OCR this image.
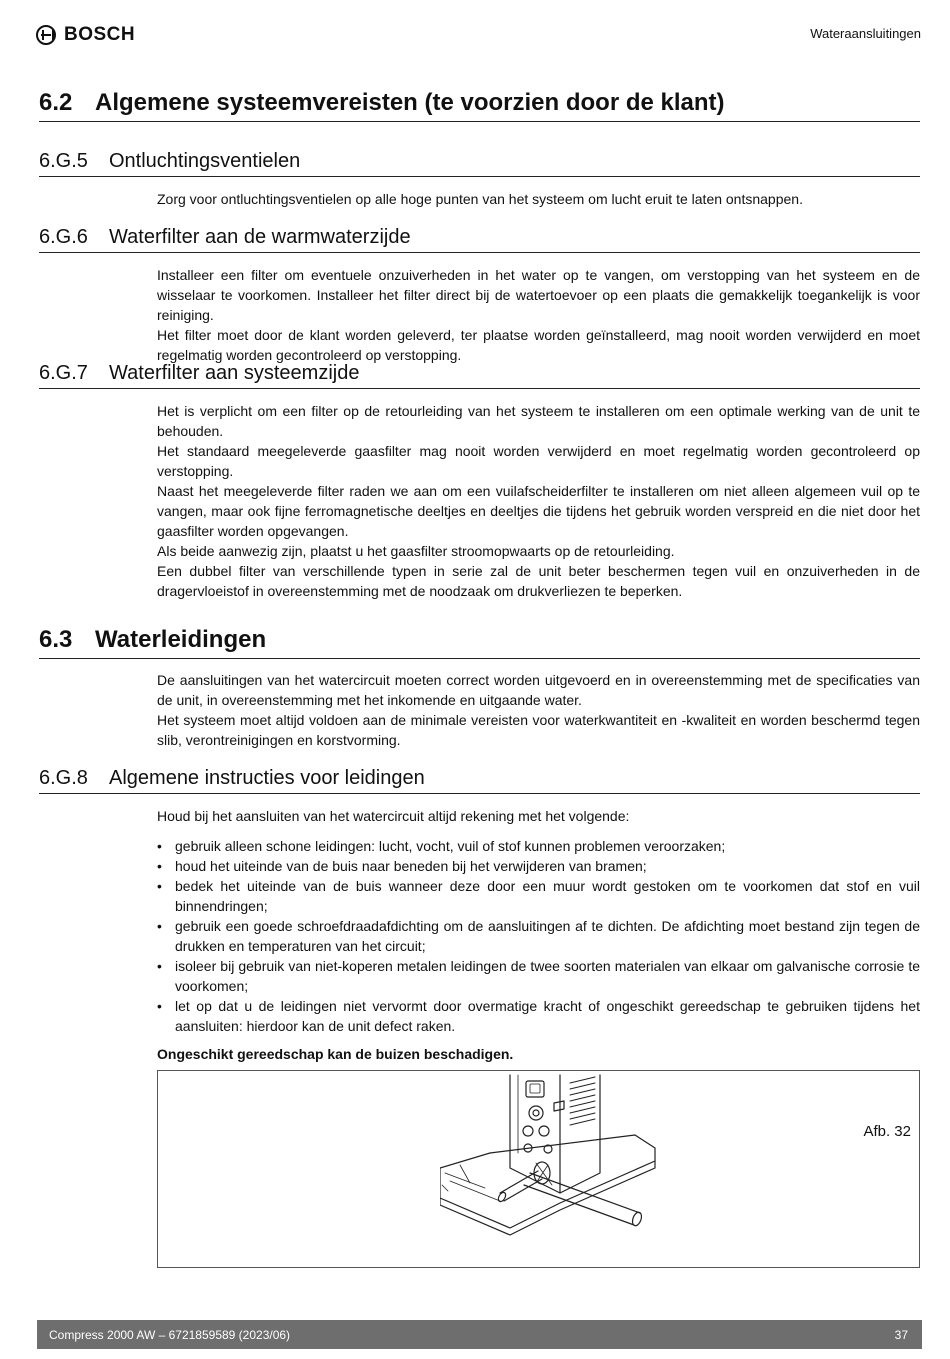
BOSCH	Wateraansluitingen
6.2 Algemene systeemvereisten (te voorzien door de klant)
6.G.5 Ontluchtingsventielen

Zorg voor ontluchtingsventielen op alle hoge punten van het systeem om lucht eruit te laten ontsnappen.

6.G.6 Waterfilter aan de warmwaterzijde

Installeer een filter om eventuele onzuiverheden in het water op te vangen, om verstopping van het systeem en de wisselaar te voorkomen. Installeer het filter direct bij de watertoevoer op een plaats die gemakkelijk toegankelijk is voor reiniging.

Het filter moet door de klant worden geleverd, ter plaatse worden geïnstalleerd, mag nooit worden verwijderd en moet regelmatig worden gecontroleerd op verstopping.

6.G.7 Waterfilter aan systeemzijde

Het is verplicht om een filter op de retourleiding van het systeem te installeren om een optimale werking van de unit te behouden.

Het standaard meegeleverde gaasfilter mag nooit worden verwijderd en moet regelmatig worden gecontroleerd op verstopping.

Naast het meegeleverde filter raden we aan om een vuilafscheiderfilter te installeren om niet alleen algemeen vuil op te vangen, maar ook fijne ferromagnetische deeltjes en deeltjes die tijdens het gebruik worden verspreid en die niet door het gaasfilter worden opgevangen.

Als beide aanwezig zijn, plaatst u het gaasfilter stroomopwaarts op de retourleiding.

Een dubbel filter van verschillende typen in serie zal de unit beter beschermen tegen vuil en onzuiverheden in de dragervloeistof in overeenstemming met de noodzaak om drukverliezen te beperken.

6.3 Waterleidingen

De aansluitingen van het watercircuit moeten correct worden uitgevoerd en in overeenstemming met de specificaties van de unit, in overeenstemming met het inkomende en uitgaande water.

Het systeem moet altijd voldoen aan de minimale vereisten voor waterkwantiteit en -kwaliteit en worden beschermd tegen slib, verontreinigingen en korstvorming.

6.G.8 Algemene instructies voor leidingen

Houd bij het aansluiten van het watercircuit altijd rekening met het volgende:

• gebruik alleen schone leidingen: lucht, vocht, vuil of stof kunnen problemen veroorzaken;
• houd het uiteinde van de buis naar beneden bij het verwijderen van bramen;
• bedek het uiteinde van de buis wanneer deze door een muur wordt gestoken om te voorkomen dat stof en vuil binnendringen;
• gebruik een goede schroefdraadafdichting om de aansluitingen af te dichten. De afdichting moet bestand zijn tegen de drukken en temperaturen van het circuit;
• isoleer bij gebruik van niet-koperen metalen leidingen de twee soorten materialen van elkaar om galvanische corrosie te voorkomen;
• let op dat u de leidingen niet vervormt door overmatige kracht of ongeschikt gereedschap te gebruiken tijdens het aansluiten: hierdoor kan de unit defect raken.
Ongeschikt gereedschap kan de buizen beschadigen.
Afb. 32
Compress 2000 AW – 6721859589 (2023/06)	37
